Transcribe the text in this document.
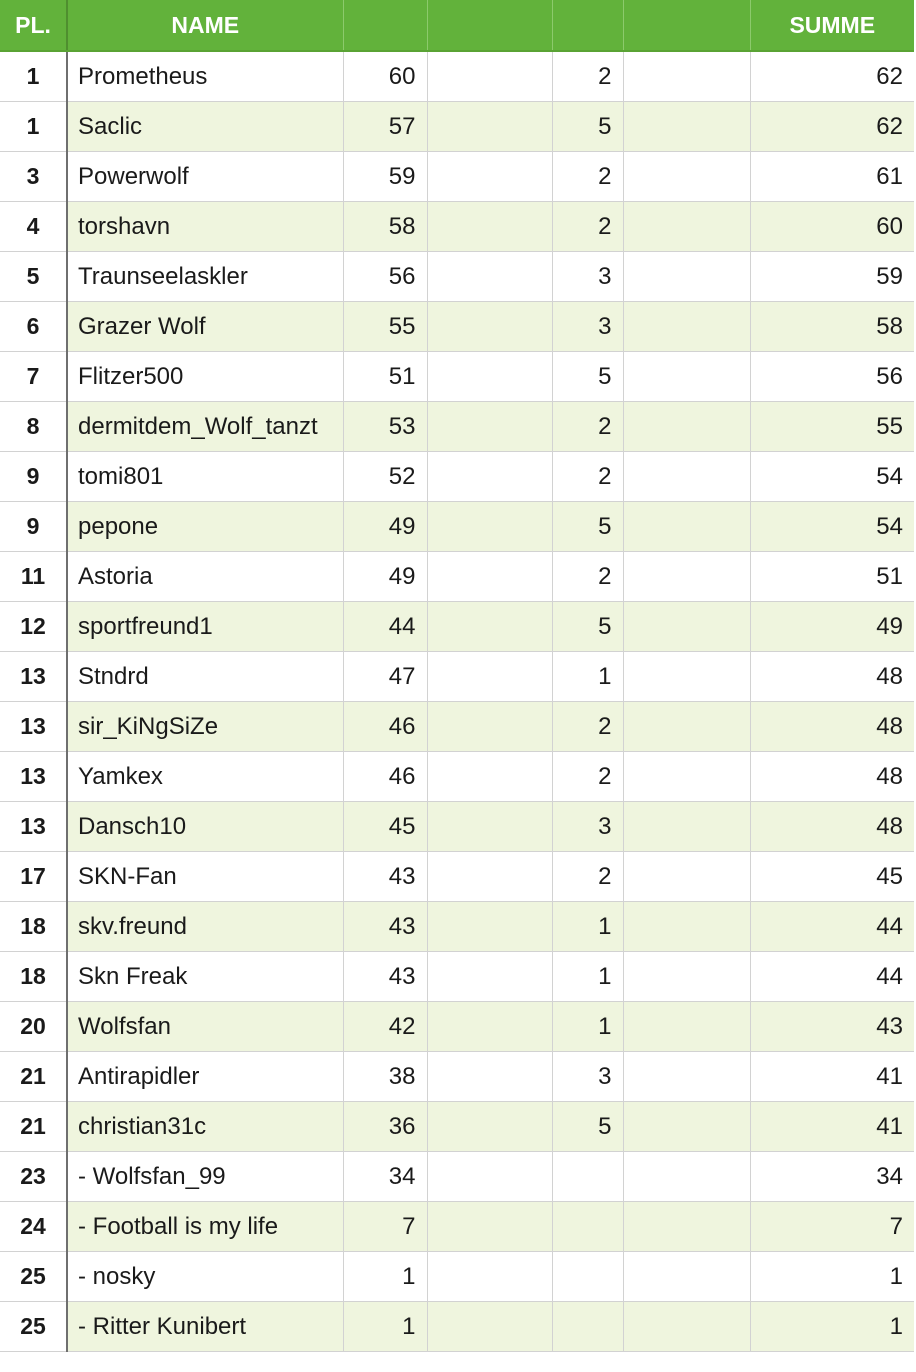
PL.	NAME					SUMME
1	Prometheus	60		2		62
1	Saclic	57		5		62
3	Powerwolf	59		2		61
4	torshavn	58		2		60
5	Traunseelaskler	56		3		59
6	Grazer Wolf	55		3		58
7	Flitzer500	51		5		56
8	dermitdem_Wolf_tanzt	53		2		55
9	tomi801	52		2		54
9	pepone	49		5		54
11	Astoria	49		2		51
12	sportfreund1	44		5		49
13	Stndrd	47		1		48
13	sir_KiNgSiZe	46		2		48
13	Yamkex	46		2		48
13	Dansch10	45		3		48
17	SKN-Fan	43		2		45
18	skv.freund	43		1		44
18	Skn Freak	43		1		44
20	Wolfsfan	42		1		43
21	Antirapidler	38		3		41
21	christian31c	36		5		41
23	- Wolfsfan_99	34				34
24	- Football is my life	7				7
25	- nosky	1				1
25	- Ritter Kunibert	1				1
